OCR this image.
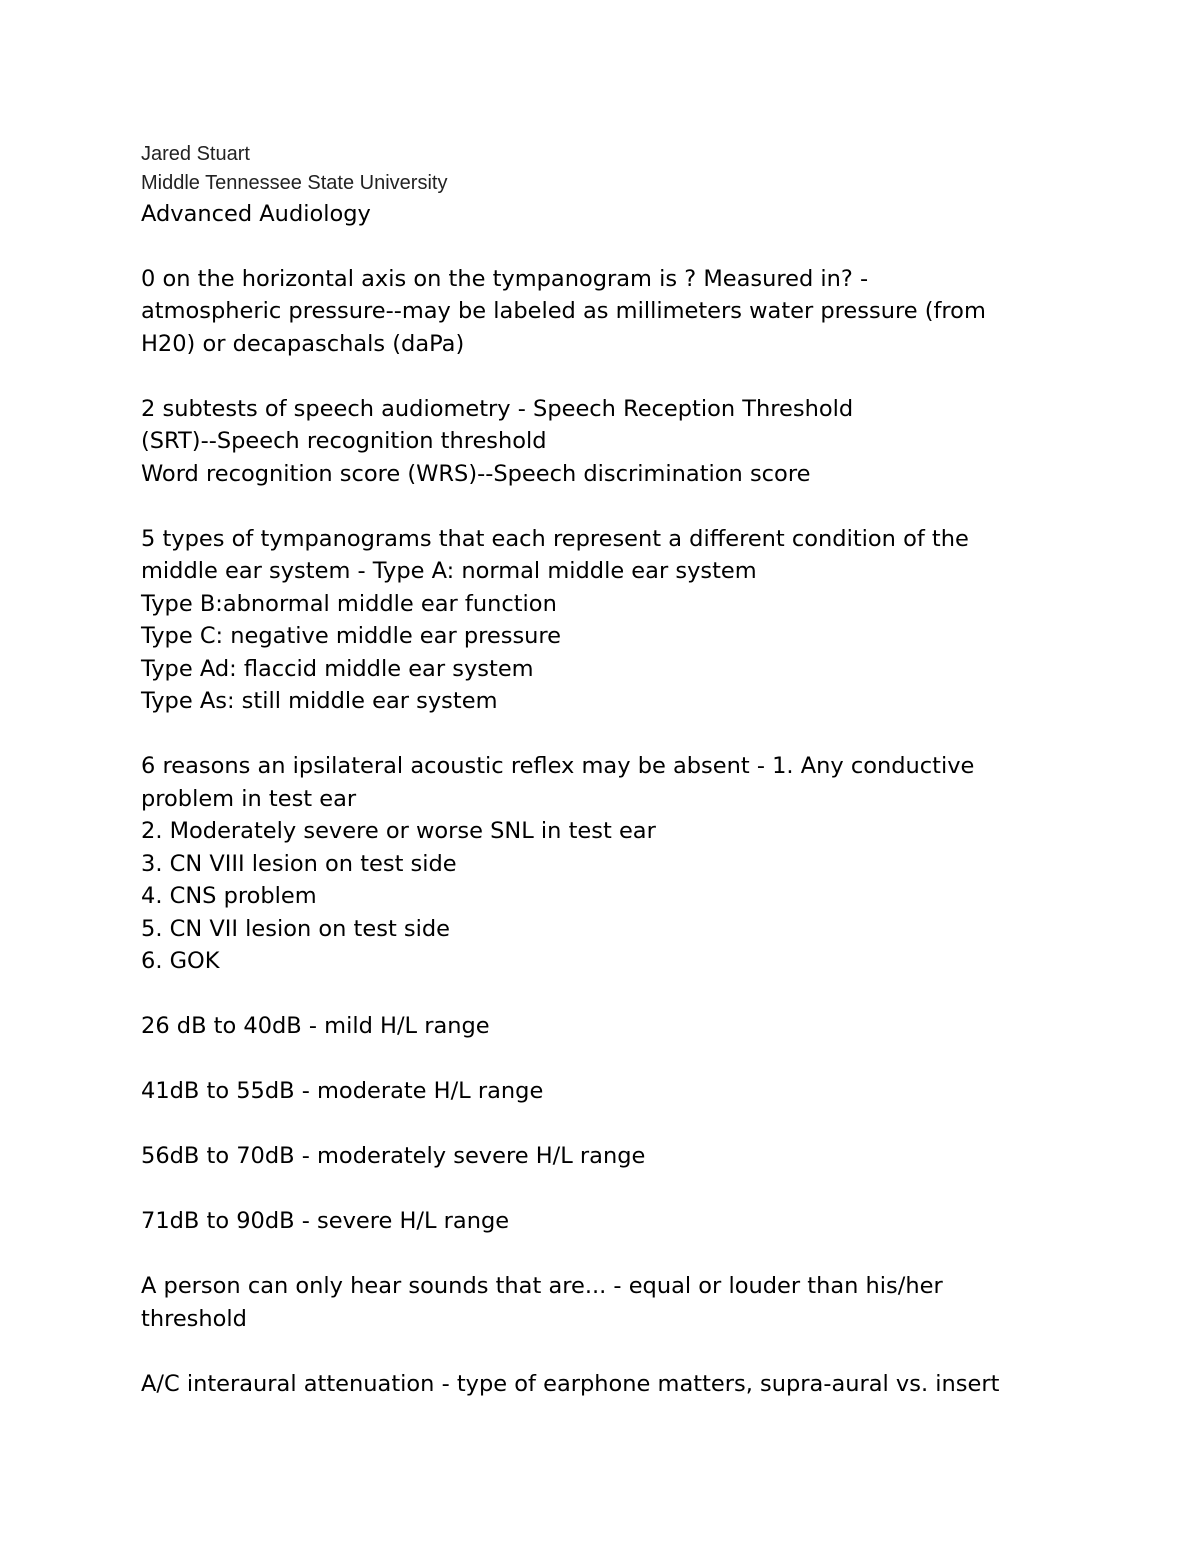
Jared Stuart

Middle Tennessee State University

Advanced Audiology

0 on the horizontal axis on the tympanogram is ? Measured in? -
atmospheric pressure--may be labeled as millimeters water pressure (from
H20) or decapaschals (daPa)
2 subtests of speech audiometry - Speech Reception Threshold
(SRT)--Speech recognition threshold
Word recognition score (WRS)--Speech discrimination score
5 types of tympanograms that each represent a different condition of the
middle ear system - Type A: normal middle ear system
Type B:abnormal middle ear function
Type C: negative middle ear pressure
Type Ad: flaccid middle ear system
Type As: still middle ear system
6 reasons an ipsilateral acoustic reflex may be absent - 1. Any conductive
problem in test ear
2. Moderately severe or worse SNL in test ear
3. CN VIII lesion on test side
4. CNS problem
5. CN VII lesion on test side
6. GOK
26 dB to 40dB - mild H/L range
41dB to 55dB - moderate H/L range
56dB to 70dB - moderately severe H/L range
71dB to 90dB - severe H/L range
A person can only hear sounds that are... - equal or louder than his/her
threshold
A/C interaural attenuation - type of earphone matters, supra-aural vs. insert
